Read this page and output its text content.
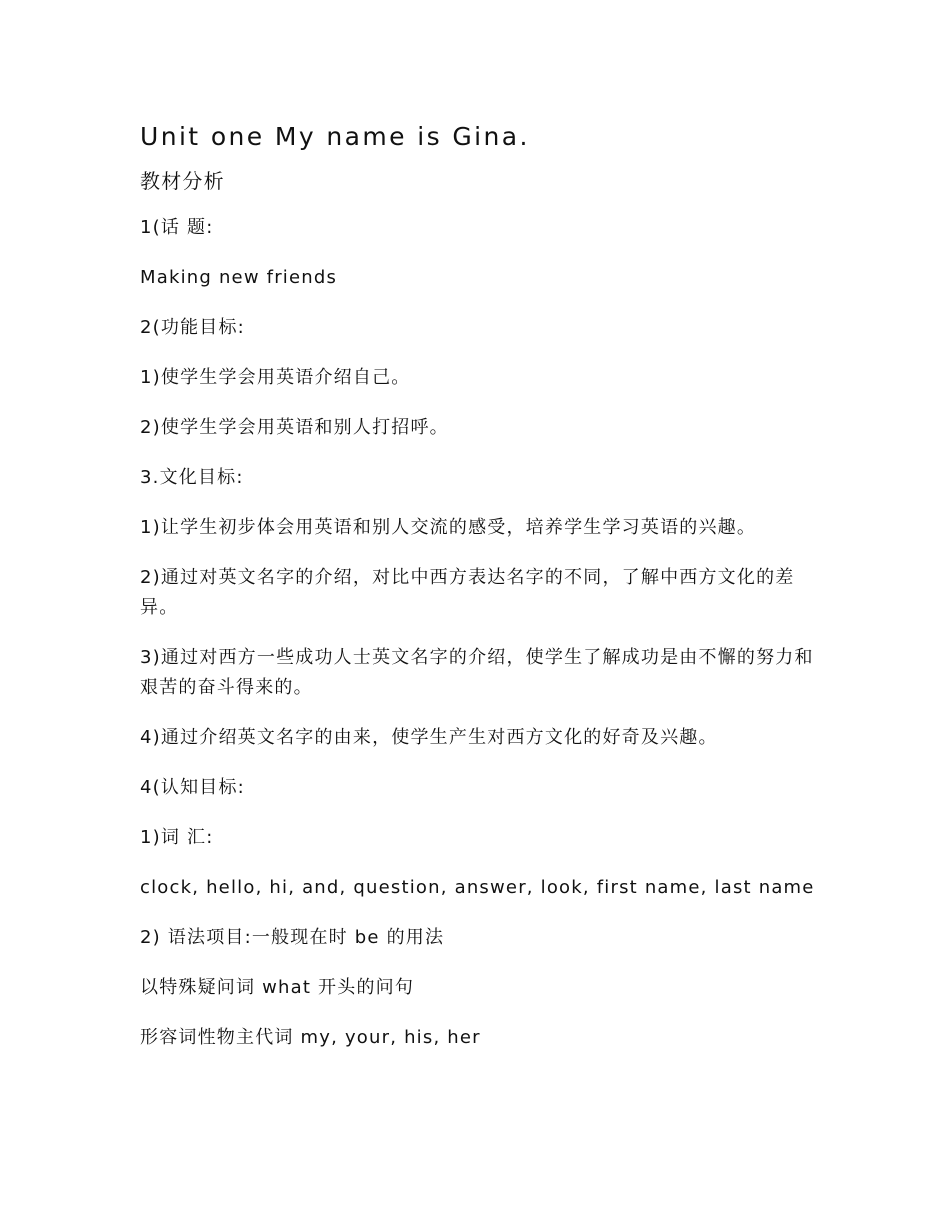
Unit one My name is Gina.
教材分析
1(话 题:
Making new friends
2(功能目标:
1)使学生学会用英语介绍自己。
2)使学生学会用英语和别人打招呼。
3.文化目标:
1)让学生初步体会用英语和别人交流的感受，培养学生学习英语的兴趣。
2)通过对英文名字的介绍，对比中西方表达名字的不同，了解中西方文化的差异。
3)通过对西方一些成功人士英文名字的介绍，使学生了解成功是由不懈的努力和艰苦的奋斗得来的。
4)通过介绍英文名字的由来，使学生产生对西方文化的好奇及兴趣。
4(认知目标:
1)词 汇:
clock, hello, hi, and, question, answer, look, first name, last name
2) 语法项目:一般现在时 be 的用法
以特殊疑问词 what 开头的问句
形容词性物主代词 my, your, his, her
